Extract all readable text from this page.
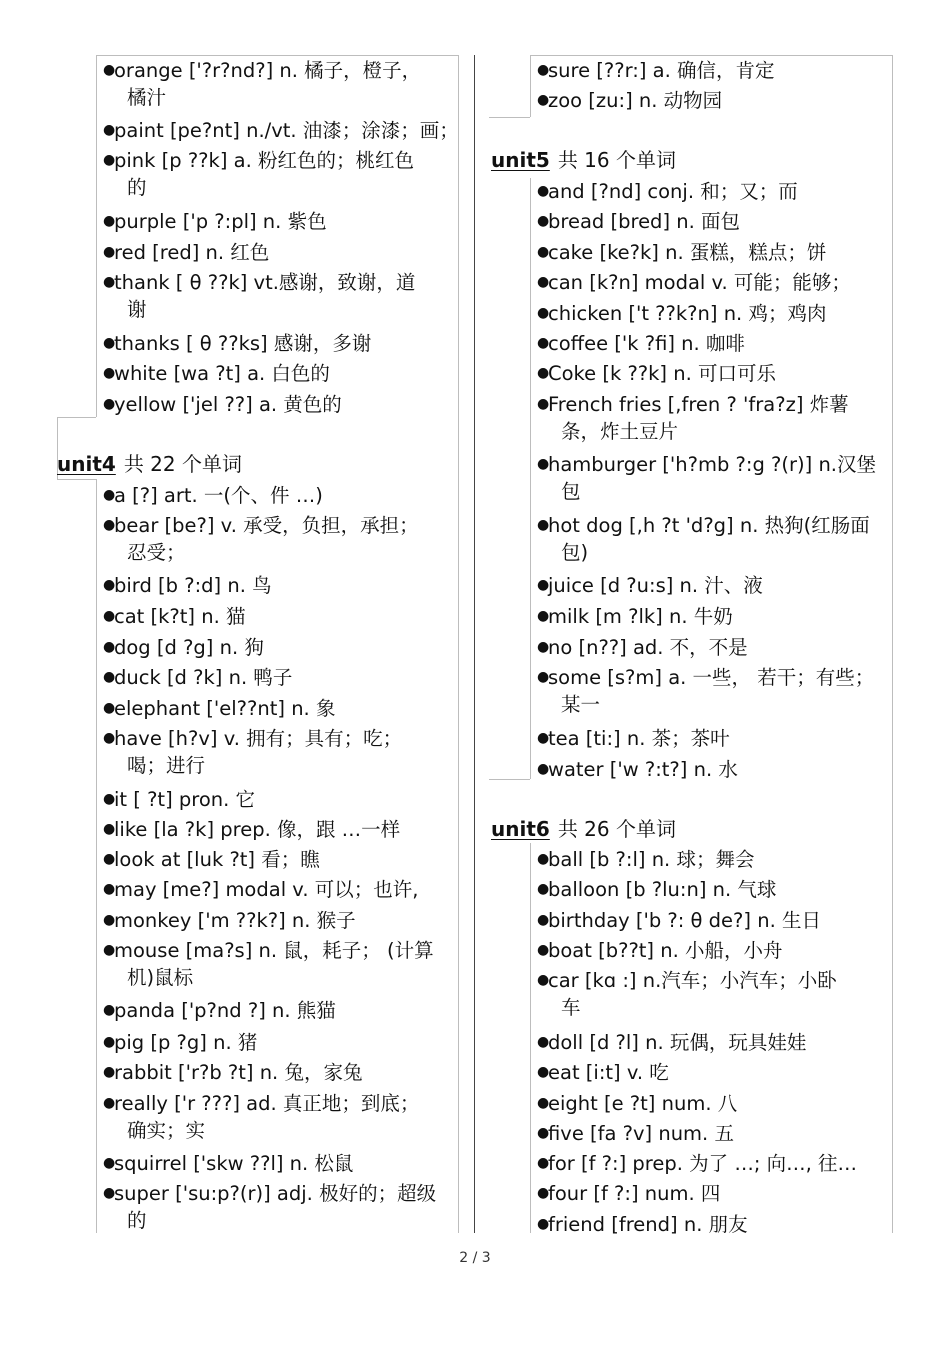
●
orange ['?r?nd?] n. 橘子，橙子，
橘汁
●
paint [pe?nt] n./vt. 油漆；涂漆；画；
●
pink [p ??k] a. 粉红色的；桃红色
的
●
purple ['p ?:pl] n. 紫色
●
red [red] n. 红色
●
thank [ θ ??k] vt.感谢，致谢，道
谢
●
thanks [ θ ??ks] 感谢，多谢
●
white [wa ?t] a. 白色的
●
yellow ['jel ??] a. 黄色的
unit4 共 22 个单词
●
a [?] art. 一(个、件 …)
●
bear [be?] v. 承受，负担，承担；
忍受；
●
bird [b ?:d] n. 鸟
●
cat [k?t] n. 猫
●
dog [d ?g] n. 狗
●
duck [d ?k] n. 鸭子
●
elephant ['el??nt] n. 象
●
have [h?v] v. 拥有；具有；吃；
喝；进行
●
it [ ?t] pron. 它
●
like [la ?k] prep. 像，跟 …一样
●
look at [luk ?t] 看；瞧
●
may [me?] modal v. 可以；也许,
●
monkey ['m ??k?] n. 猴子
●
mouse [ma?s] n. 鼠，耗子； (计算
机)鼠标
●
panda ['p?nd ?] n. 熊猫
●
pig [p ?g] n. 猪
●
rabbit ['r?b ?t] n. 兔，家兔
●
really ['r ???] ad. 真正地；到底；
确实；实
●
squirrel ['skw ??l] n. 松鼠
●
super ['su:p?(r)] adj. 极好的；超级
的
●
sure [??r:] a. 确信，肯定
●
zoo [zu:] n. 动物园
unit5 共 16 个单词
●
and [?nd] conj. 和；又；而
●
bread [bred] n. 面包
●
cake [ke?k] n. 蛋糕，糕点；饼
●
can [k?n] modal v. 可能；能够；
●
chicken ['t ??k?n] n. 鸡；鸡肉
●
coffee ['k ?fi] n. 咖啡
●
Coke [k ??k] n. 可口可乐
●
French fries [,fren ? 'fra?z] 炸薯
条，炸土豆片
●
hamburger ['h?mb ?:g ?(r)] n.汉堡
包
●
hot dog [,h ?t 'd?g] n. 热狗(红肠面
包)
●
juice [d ?u:s] n. 汁、液
●
milk [m ?lk] n. 牛奶
●
no [n??] ad. 不，不是
●
some [s?m] a. 一些， 若干；有些；
某一
●
tea [ti:] n. 茶；茶叶
●
water ['w ?:t?] n. 水
unit6 共 26 个单词
●
ball [b ?:l] n. 球；舞会
●
balloon [b ?lu:n] n. 气球
●
birthday ['b ?: θ de?] n. 生日
●
boat [b??t] n. 小船，小舟
●
car [kɑ :] n.汽车；小汽车；小卧
车
●
doll [d ?l] n. 玩偶，玩具娃娃
●
eat [i:t] v. 吃
●
eight [e ?t] num. 八
●
five [fa ?v] num. 五
●
for [f ?:] prep. 为了 …; 向…, 往…
●
four [f ?:] num. 四
●
friend [frend] n. 朋友
2 / 3
